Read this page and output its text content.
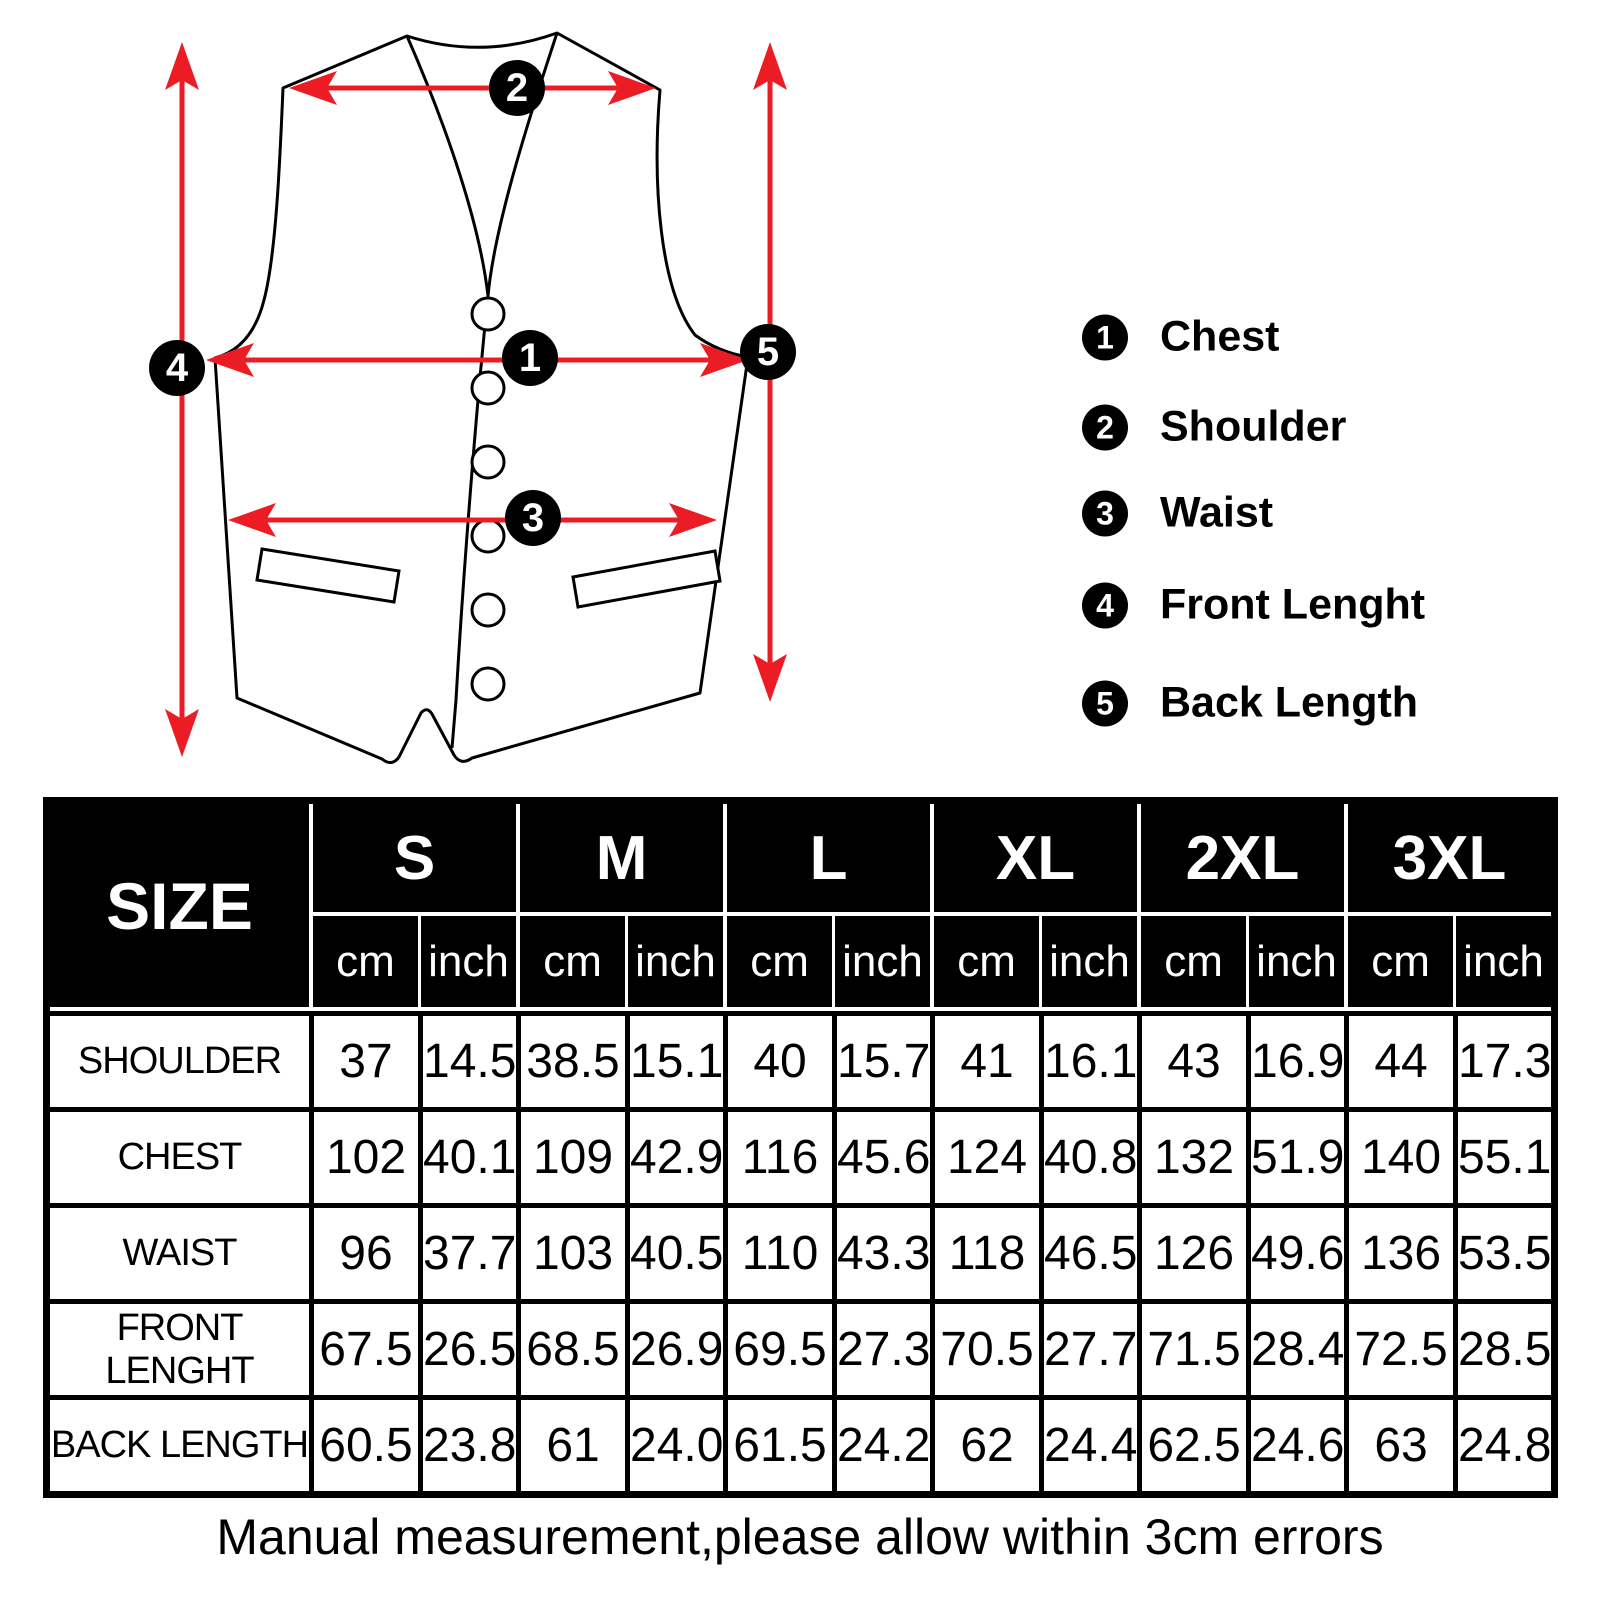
1
2
3
4	5	1	Chest
2	Shoulder
3	Waist
4	Front Lenght
5	Back Length
SIZE	S		M		L		XL		2XL		3XL	
	cm	inch	cm	inch	cm	inch	cm	inch	cm	inch	cm	inch
SHOULDER	37	14.5	38.5	15.1	40	15.7	41	16.1	43	16.9	44	17.3
CHEST	102	40.1	109	42.9	116	45.6	124	40.8	132	51.9	140	55.1
WAIST	96	37.7	103	40.5	110	43.3	118	46.5	126	49.6	136	53.5
FRONT LENGHT	67.5	26.5	68.5	26.9	69.5	27.3	70.5	27.7	71.5	28.4	72.5	28.5
BACK LENGTH	60.5	23.8	61	24.0	61.5	24.2	62	24.4	62.5	24.6	63	24.8
Manual measurement,please allow within 3cm errors
